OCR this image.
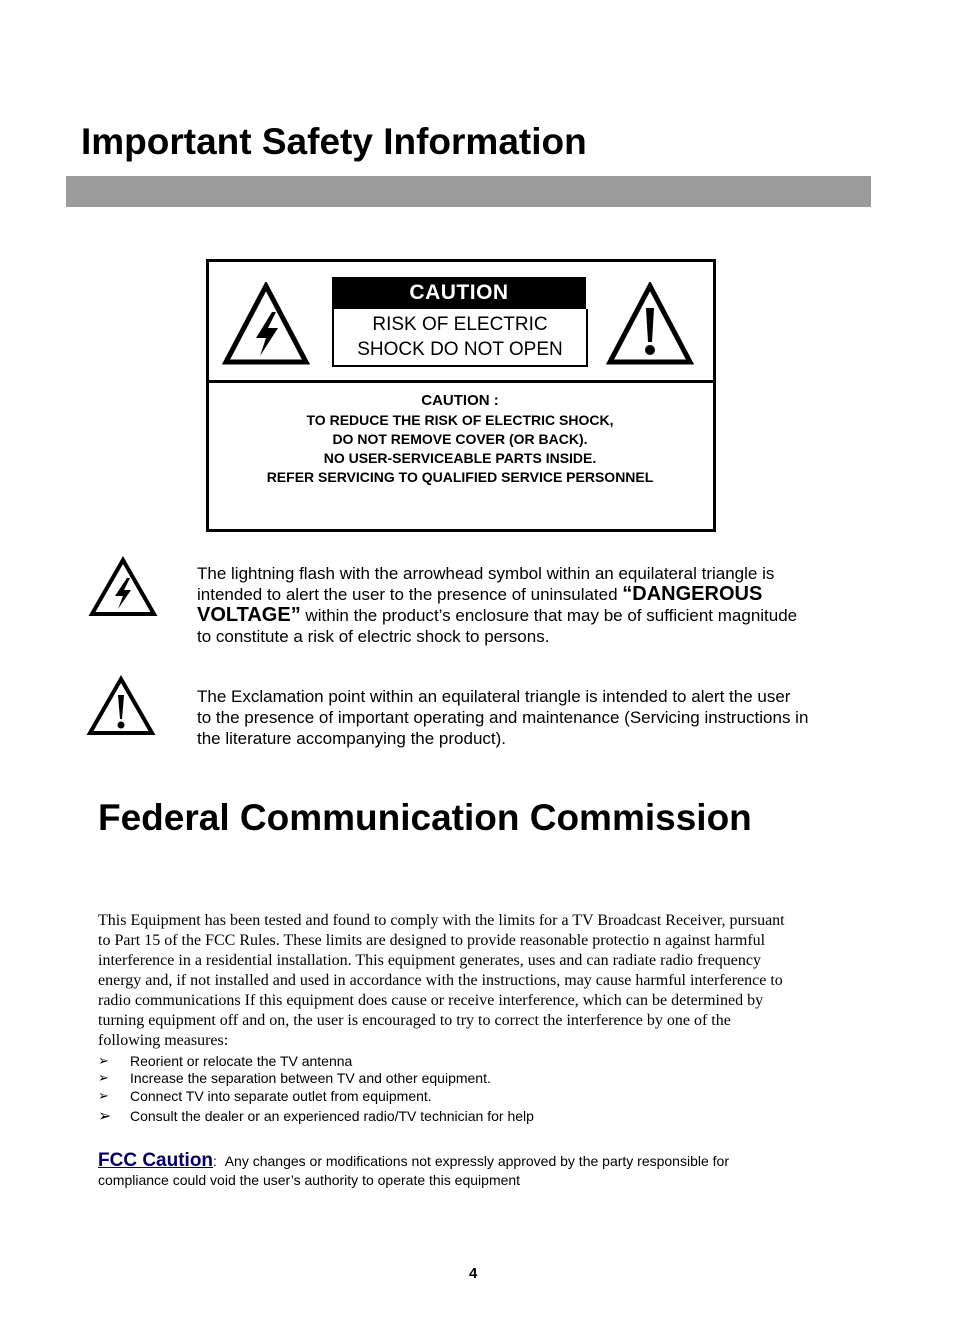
Important Safety Information
CAUTION
RISK OF ELECTRIC
SHOCK DO NOT OPEN
CAUTION :
TO REDUCE THE RISK OF ELECTRIC SHOCK,
DO NOT REMOVE COVER (OR BACK).
NO USER-SERVICEABLE PARTS INSIDE.
REFER SERVICING TO QUALIFIED SERVICE PERSONNEL
The lightning flash with the arrowhead symbol within an equilateral triangle is
intended to alert the user to the presence of uninsulated “DANGEROUS
VOLTAGE” within the product’s enclosure that may be of sufficient magnitude
to constitute a risk of electric shock to persons.
The Exclamation point within an equilateral triangle is intended to alert the user
to the presence of important operating and maintenance (Servicing instructions in
the literature accompanying the product).
Federal Communication Commission
This Equipment has been tested and found to comply with the limits for a TV Broadcast Receiver, pursuant
to Part 15 of the FCC Rules. These limits are designed to provide reasonable protectio n against harmful
interference in a residential installation. This equipment generates, uses and can radiate radio frequency
energy and, if not installed and used in accordance with the instructions, may cause harmful interference to
radio communications If this equipment does cause or receive interference, which can be determined by
turning equipment off and on, the user is encouraged to try to correct the interference by one of the
following measures:
➢	Reorient or relocate the TV antenna
➢	Increase the separation between TV and other equipment.
➢	Connect TV into separate outlet from equipment.
➢	Consult the dealer or an experienced radio/TV technician for help
FCC Caution: Any changes or modifications not expressly approved by the party responsible for
compliance could void the user’s authority to operate this equipment
4
